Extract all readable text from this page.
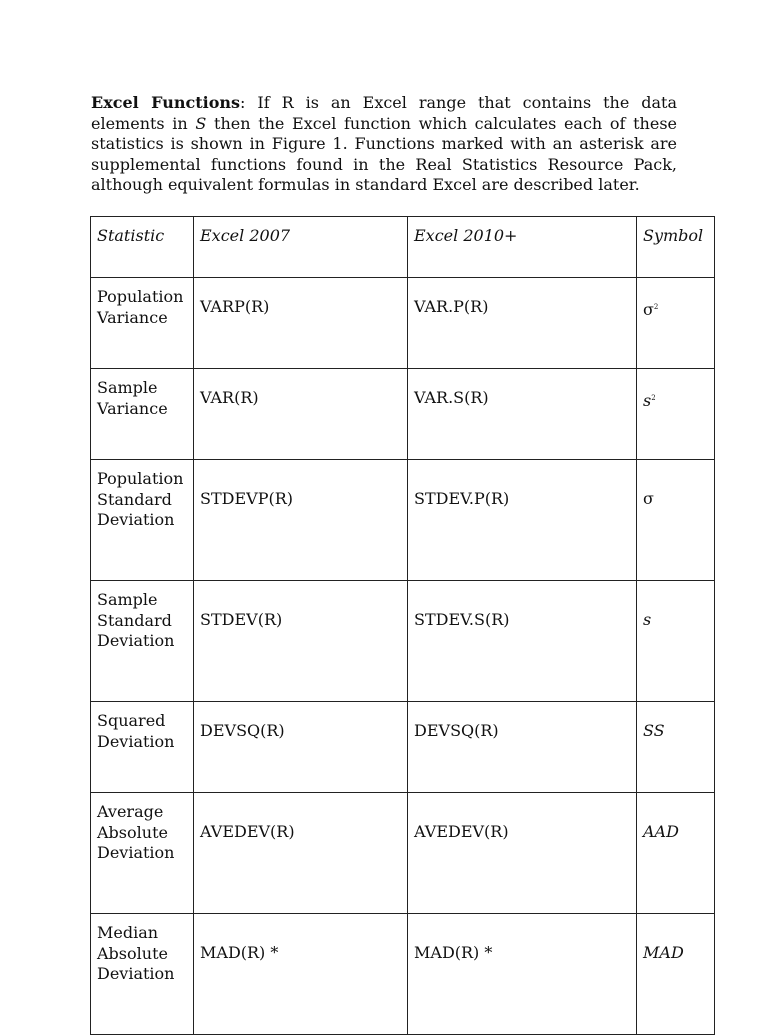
Excel Functions: If R is an Excel range that contains the data elements in S then the Excel function which calculates each of these statistics is shown in Figure 1. Functions marked with an asterisk are supplemental functions found in the Real Statistics Resource Pack, although equivalent formulas in standard Excel are described later.

Statistic	Excel 2007	Excel 2010+	Symbol
Population
Variance	VARP(R)	VAR.P(R)	$\sigma^2$
Sample
Variance	VAR(R)	VAR.S(R)	$s^2$
Population
Standard
Deviation	STDEVP(R)	STDEV.P(R)	σ
Sample
Standard
Deviation	STDEV(R)	STDEV.S(R)	s
Squared
Deviation	DEVSQ(R)	DEVSQ(R)	SS
Average
Absolute
Deviation	AVEDEV(R)	AVEDEV(R)	AAD
Median
Absolute
Deviation	MAD(R) *	MAD(R) *	MAD
